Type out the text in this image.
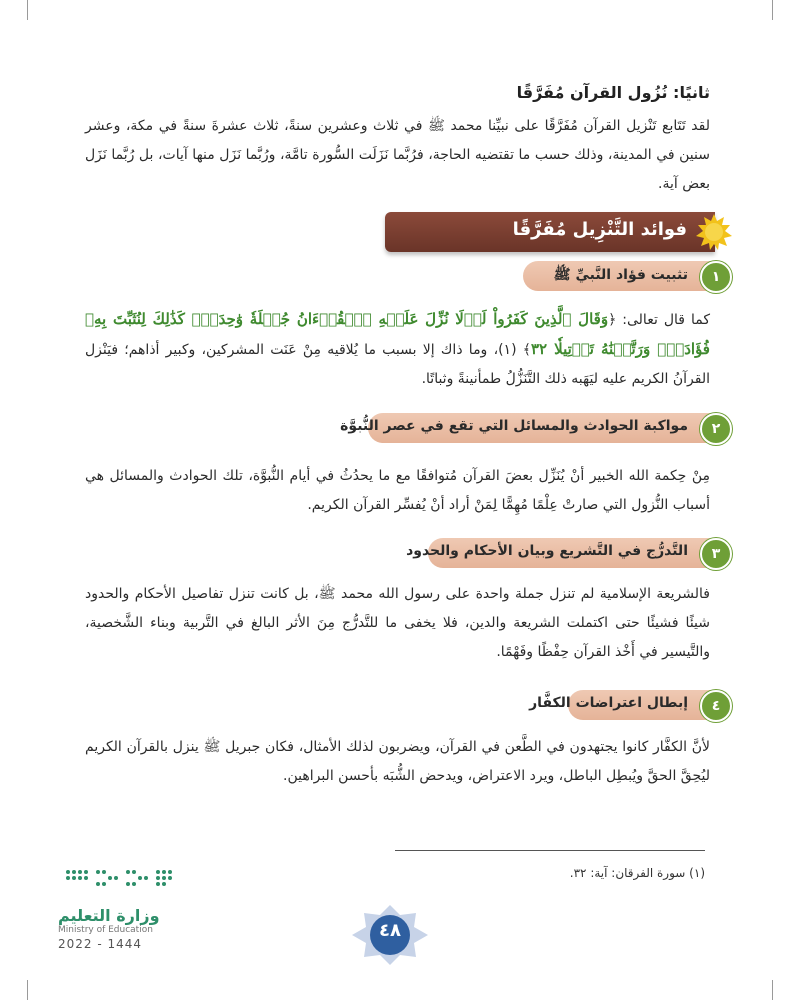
ثانيًا: نُزُول القرآن مُفَرَّقًا
لقد تَتَابع تَنْزيل القرآن مُفَرَّقًا على نبيِّنا محمد ﷺ في ثلاث وعشرين سنةً، ثلاث عشرةَ سنةً في مكة، وعشر سنين في المدينة، وذلك حسب ما تقتضيه الحاجة، فرُبَّما نَزَلَت السُّورة تامَّة، ورُبَّما نَزَل منها آيات، بل رُبَّما نَزَل بعض آية.
فوائد التَّنْزِيل مُفَرَّقًا
تثبيت فؤاد النَّبيِّ ﷺ	١
كما قال تعالى: ﴿وَقَالَ ٱلَّذِينَ كَفَرُواْ لَوۡلَا نُزِّلَ عَلَيۡهِ ٱلۡقُرۡءَانُ جُمۡلَةٗ وَٰحِدَةٗۚ كَذَٰلِكَ لِنُثَبِّتَ بِهِۦ فُؤَادَكَۖ وَرَتَّلۡنَٰهُ تَرۡتِيلٗا ٣٢﴾ (١)، وما ذاك إلا بسبب ما يُلاقيه مِنْ عَنَت المشركين، وكبير أذاهم؛ فيَنْزل القرآنُ الكريم عليه ليَهَبه ذلك التَّنَزُّلُ طمأنينةً وثباتًا.
مواكبة الحوادث والمسائل التي تقع في عصر النُّبوَّة	٢
مِنْ حِكمة الله الخبير أنْ يُنَزِّل بعضَ القرآن مُتوافقًا مع ما يحدُثُ في أيام النُّبوَّة، تلك الحوادث والمسائل هي أسباب النُّزول التي صارتْ عِلْمًا مُهِمًّا لِمَنْ أراد أنْ يُفسِّر القرآن الكريم.
التَّدرُّج في التَّشريع وبيان الأحكام والحدود	٣
فالشريعة الإسلامية لم تنزل جملة واحدة على رسول الله محمد ﷺ، بل كانت تنزل تفاصيل الأحكام والحدود شيئًا فشيئًا حتى اكتملت الشريعة والدين، فلا يخفى ما للتَّدرُّج مِنَ الأثر البالغ في التَّربية وبناء الشَّخصية، والتَّيسير في أَخْذ القرآن حِفْظًا وفَهْمًا.
إبطال اعتراضات الكفَّار	٤
لأنَّ الكفَّار كانوا يجتهدون في الطَّعن في القرآن، ويضربون لذلك الأمثال، فكان جبريل ﷺ ينزل بالقرآن الكريم ليُحِقَّ الحقَّ ويُبطِل الباطل، ويرد الاعتراض، ويدحض الشُّبَه بأحسن البراهين.
(١) سورة الفرقان: آية: ٣٢.
٤٨
وزارة التعليم
Ministry of Education
2022 - 1444
